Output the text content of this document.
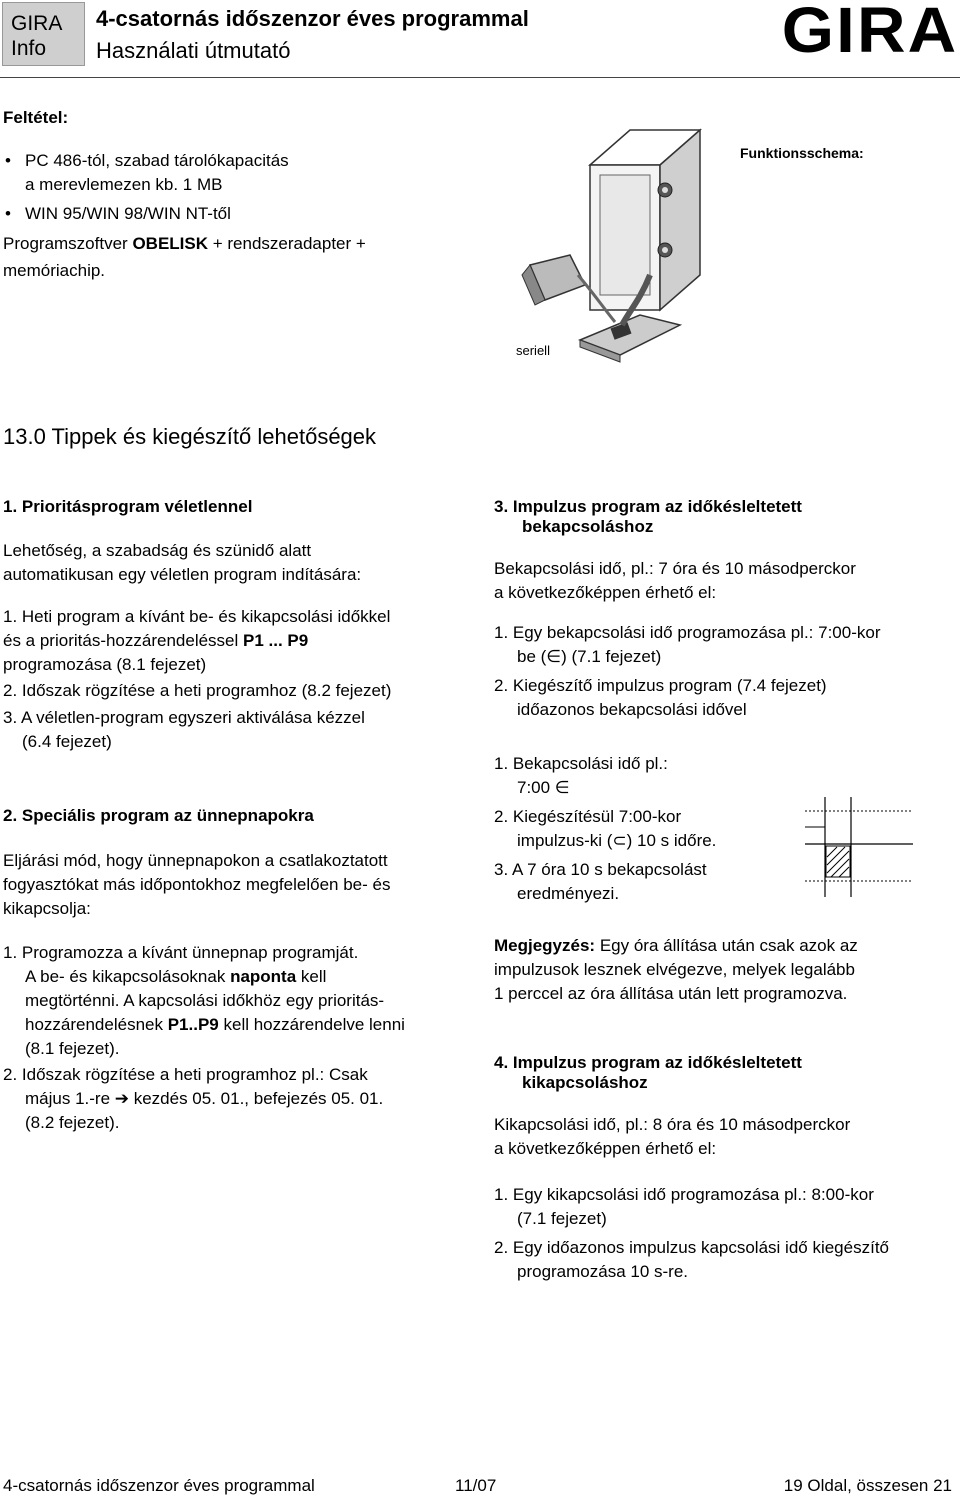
GIRA
Info
4-csatornás időszenzor éves programmal
Használati útmutató	GIRA
Feltétel:
• PC 486-tól, szabad tárolókapacitás
a merevlemezen kb. 1 MB
• WIN 95/WIN 98/WIN NT-től
Programszoftver OBELISK + rendszeradapter +
memóriachip.
Funktionsschema:
seriell
13.0 Tippek és kiegészítő lehetőségek
1. Prioritásprogram véletlennel
Lehetőség, a szabadság és szünidő alatt
automatikusan egy véletlen program indítására:
1. Heti program a kívánt be- és kikapcsolási időkkel
és a prioritás-hozzárendeléssel P1 ... P9
programozása (8.1 fejezet)
2. Időszak rögzítése a heti programhoz (8.2 fejezet)
3. A véletlen-program egyszeri aktiválása kézzel
(6.4 fejezet)
2. Speciális program az ünnepnapokra
Eljárási mód, hogy ünnepnapokon a csatlakoztatott
fogyasztókat más időpontokhoz megfelelően be- és
kikapcsolja:
1. Programozza a kívánt ünnepnap programját.
A be- és kikapcsolásoknak naponta kell
megtörténni. A kapcsolási időkhöz egy prioritás-
hozzárendelésnek P1..P9 kell hozzárendelve lenni
(8.1 fejezet).
2. Időszak rögzítése a heti programhoz pl.: Csak
május 1.-re ➔ kezdés 05. 01., befejezés 05. 01.
(8.2 fejezet).
3. Impulzus program az időkésleltetett
bekapcsoláshoz
Bekapcsolási idő, pl.: 7 óra és 10 másodperckor
a következőképpen érhető el:
1. Egy bekapcsolási idő programozása pl.: 7:00-kor
be (∈) (7.1 fejezet)
2. Kiegészítő impulzus program (7.4 fejezet)
időazonos bekapcsolási idővel
1. Bekapcsolási idő pl.:
7:00 ∈
2. Kiegészítésül 7:00-kor
impulzus-ki (⊂) 10 s időre.
3. A 7 óra 10 s bekapcsolást
eredményezi.
Megjegyzés: Egy óra állítása után csak azok az
impulzusok lesznek elvégezve, melyek legalább
1 perccel az óra állítása után lett programozva.
4. Impulzus program az időkésleltetett
kikapcsoláshoz
Kikapcsolási idő, pl.: 8 óra és 10 másodperckor
a következőképpen érhető el:
1. Egy kikapcsolási idő programozása pl.: 8:00-kor
(7.1 fejezet)
2. Egy időazonos impulzus kapcsolási idő kiegészítő
programozása 10 s-re.
4-csatornás időszenzor éves programmal	11/07	19 Oldal, összesen 21
